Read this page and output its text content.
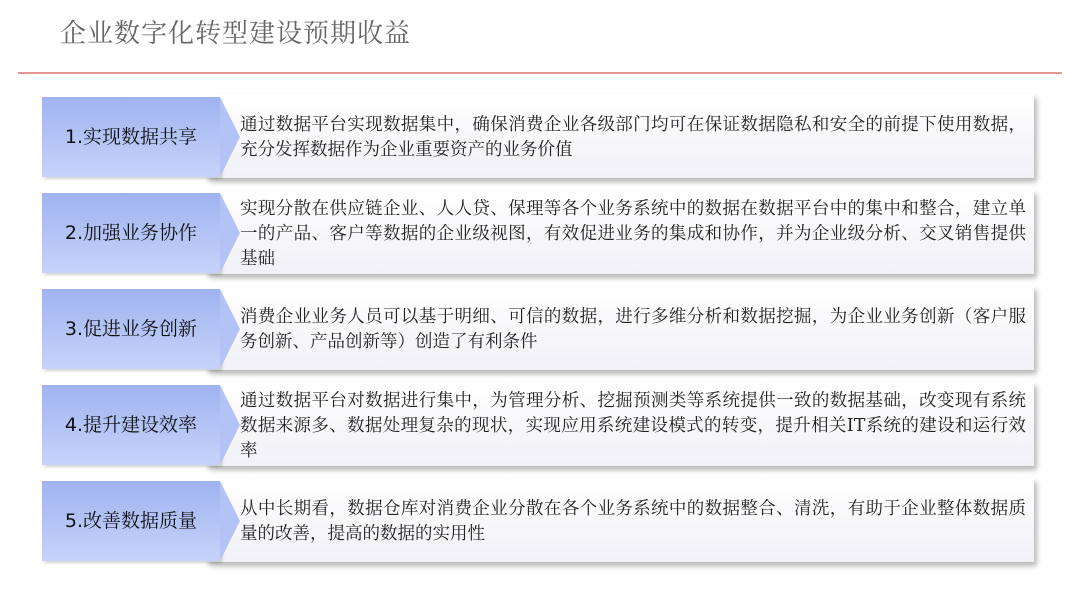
企业数字化转型建设预期收益
通过数据平台实现数据集中，确保消费企业各级部门均可在保证数据隐私和安全的前提下使用数据，充分发挥数据作为企业重要资产的业务价值
1.实现数据共享
实现分散在供应链企业、人人贷、保理等各个业务系统中的数据在数据平台中的集中和整合，建立单一的产品、客户等数据的企业级视图，有效促进业务的集成和协作，并为企业级分析、交叉销售提供基础
2.加强业务协作
消费企业业务人员可以基于明细、可信的数据，进行多维分析和数据挖掘，为企业业务创新（客户服务创新、产品创新等）创造了有利条件
3.促进业务创新
通过数据平台对数据进行集中，为管理分析、挖掘预测类等系统提供一致的数据基础，改变现有系统数据来源多、数据处理复杂的现状，实现应用系统建设模式的转变，提升相关IT系统的建设和运行效率
4.提升建设效率
从中长期看，数据仓库对消费企业分散在各个业务系统中的数据整合、清洗，有助于企业整体数据质量的改善，提高的数据的实用性
5.改善数据质量
